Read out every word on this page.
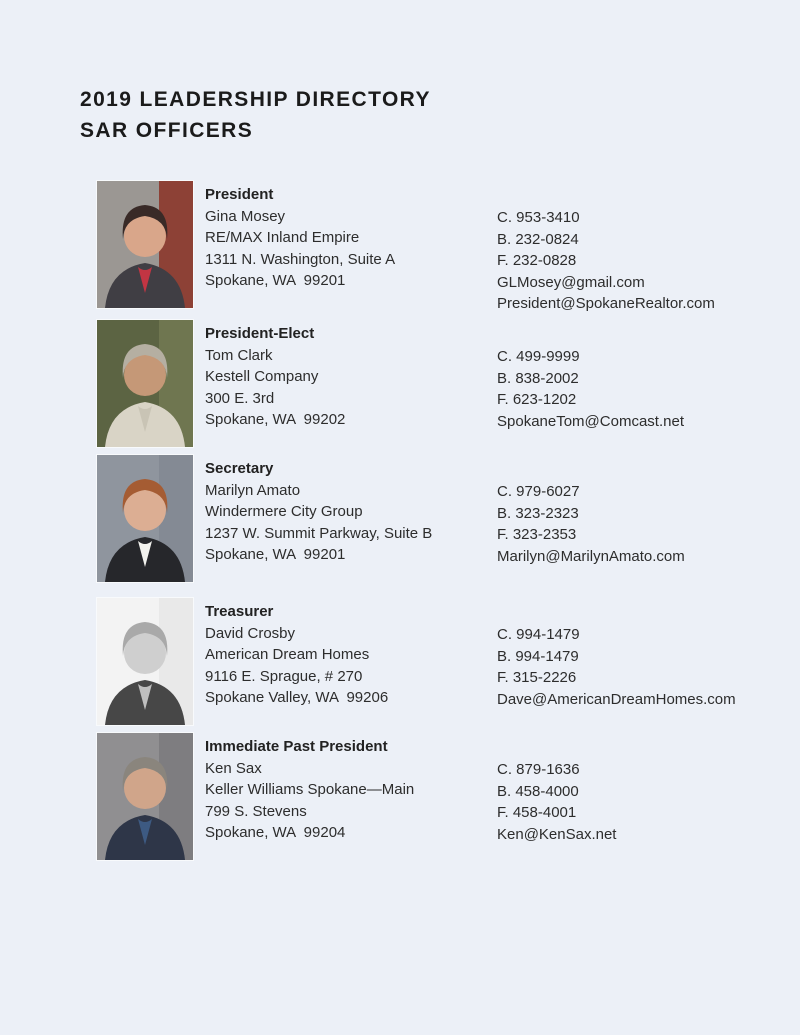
2019 LEADERSHIP DIRECTORY
SAR OFFICERS
President
Gina Mosey
RE/MAX Inland Empire
1311 N. Washington, Suite A
Spokane, WA  99201
C. 953-3410
B. 232-0824
F. 232-0828
GLMosey@gmail.com
President@SpokaneRealtor.com
President-Elect
Tom Clark
Kestell Company
300 E. 3rd
Spokane, WA  99202
C. 499-9999
B. 838-2002
F. 623-1202
SpokaneTom@Comcast.net
Secretary
Marilyn Amato
Windermere City Group
1237 W. Summit Parkway, Suite B
Spokane, WA  99201
C. 979-6027
B. 323-2323
F. 323-2353
Marilyn@MarilynAmato.com
Treasurer
David Crosby
American Dream Homes
9116 E. Sprague, # 270
Spokane Valley, WA  99206
C. 994-1479
B. 994-1479
F. 315-2226
Dave@AmericanDreamHomes.com
Immediate Past President
Ken Sax
Keller Williams Spokane—Main
799 S. Stevens
Spokane, WA  99204
C. 879-1636
B. 458-4000
F. 458-4001
Ken@KenSax.net
